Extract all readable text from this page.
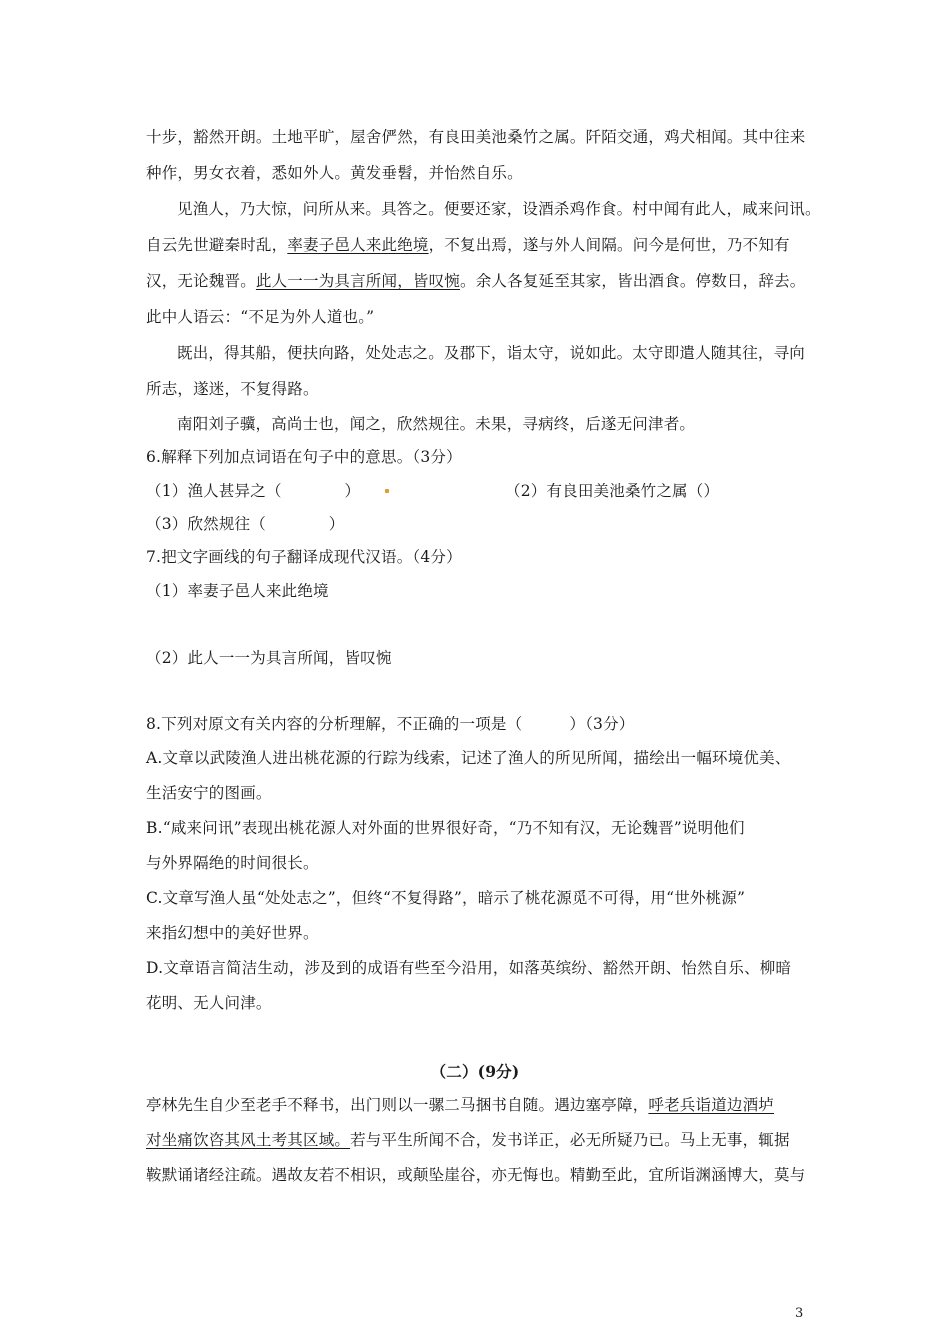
十步，豁然开朗。土地平旷，屋舍俨然，有良田美池桑竹之属。阡陌交通，鸡犬相闻。其中往来
种作，男女衣着，悉如外人。黄发垂髫，并怡然自乐。
见渔人，乃大惊，问所从来。具答之。便要还家，设酒杀鸡作食。村中闻有此人，咸来问讯。
自云先世避秦时乱，率妻子邑人来此绝境，不复出焉，遂与外人间隔。问今是何世，乃不知有
汉，无论魏晋。此人一一为具言所闻，皆叹惋。余人各复延至其家，皆出酒食。停数日，辞去。
此中人语云：“不足为外人道也。”
既出，得其船，便扶向路，处处志之。及郡下，诣太守，说如此。太守即遣人随其往，寻向
所志，遂迷，不复得路。
南阳刘子骥，高尚士也，闻之，欣然规往。未果，寻病终，后遂无问津者。
6.解释下列加点词语在句子中的意思。（3分）
（1）渔人甚异之（　　　　）	（2）有良田美池桑竹之属（）
（3）欣然规往（　　　　）
7.把文字画线的句子翻译成现代汉语。（4分）
（1）率妻子邑人来此绝境
（2）此人一一为具言所闻，皆叹惋
8.下列对原文有关内容的分析理解，不正确的一项是（　　　）（3分）
A.文章以武陵渔人进出桃花源的行踪为线索，记述了渔人的所见所闻，描绘出一幅环境优美、
生活安宁的图画。
B.“咸来问讯”表现出桃花源人对外面的世界很好奇，“乃不知有汉，无论魏晋”说明他们
与外界隔绝的时间很长。
C.文章写渔人虽“处处志之”，但终“不复得路”，暗示了桃花源觅不可得，用“世外桃源”
来指幻想中的美好世界。
D.文章语言简洁生动，涉及到的成语有些至今沿用，如落英缤纷、豁然开朗、怡然自乐、柳暗
花明、无人问津。
（二）(9分)
亭林先生自少至老手不释书，出门则以一骡二马捆书自随。遇边塞亭障，呼老兵诣道边酒垆
对坐痛饮咨其风土考其区域。若与平生所闻不合，发书详正，必无所疑乃已。马上无事，辄据
鞍默诵诸经注疏。遇故友若不相识，或颠坠崖谷，亦无悔也。精勤至此，宜所诣渊涵博大，莫与
3
